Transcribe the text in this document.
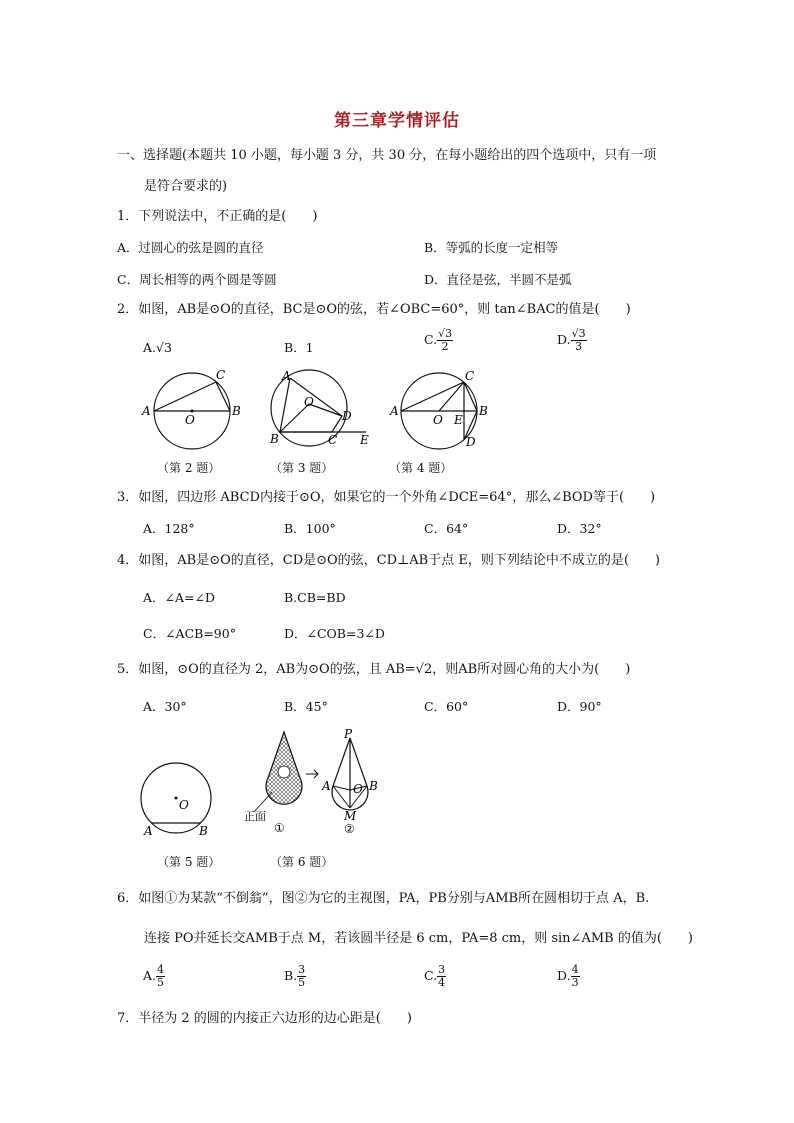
第三章学情评估
一、选择题(本题共 10 小题，每小题 3 分，共 30 分，在每小题给出的四个选项中，只有一项
是符合要求的)
1．下列说法中，不正确的是(　　)
A．过圆心的弦是圆的直径	B．等弧的长度一定相等
C．周长相等的两个圆是等圆	D．直径是弦，半圆不是弧
2．如图，AB是⊙O的直径，BC是⊙O的弦，若∠OBC=60°，则 tan∠BAC的值是(　　)
A.√3	B．1
C. $\frac{√3}{2}$	D. $\frac{√3}{3}$
A	B
C
O
A
O
D
B	C E
A
C
B
O E
D
（第 2 题）	（第 3 题）	（第 4 题）
3．如图，四边形 ABCD内接于⊙O，如果它的一个外角∠DCE=64°，那么∠BOD等于(　　)
A．128°	B．100°	C．64°	D．32°
4．如图，AB是⊙O的直径，CD是⊙O的弦，CD⊥AB于点 E，则下列结论中不成立的是(　　)
A．∠A=∠D	B.CB=BD
C．∠ACB=90°	D．∠COB=3∠D
5．如图，⊙O的直径为 2，AB为⊙O的弦，且 AB=√2，则AB所对圆心角的大小为(　　)
A．30°	B．45°	C．60°	D．90°
O
A	B
正面
①
P
A O B
M
②
（第 5 题）	（第 6 题）
6．如图①为某款“不倒翁”，图②为它的主视图，PA，PB分别与AMB所在圆相切于点 A，B.
连接 PO并延长交AMB于点 M，若该圆半径是 6 cm，PA=8 cm，则 sin∠AMB 的值为(　　)
A. $\frac{4}{5}$	B. $\frac{3}{5}$	C. $\frac{3}{4}$	D. $\frac{4}{3}$
7．半径为 2 的圆的内接正六边形的边心距是(　　)
